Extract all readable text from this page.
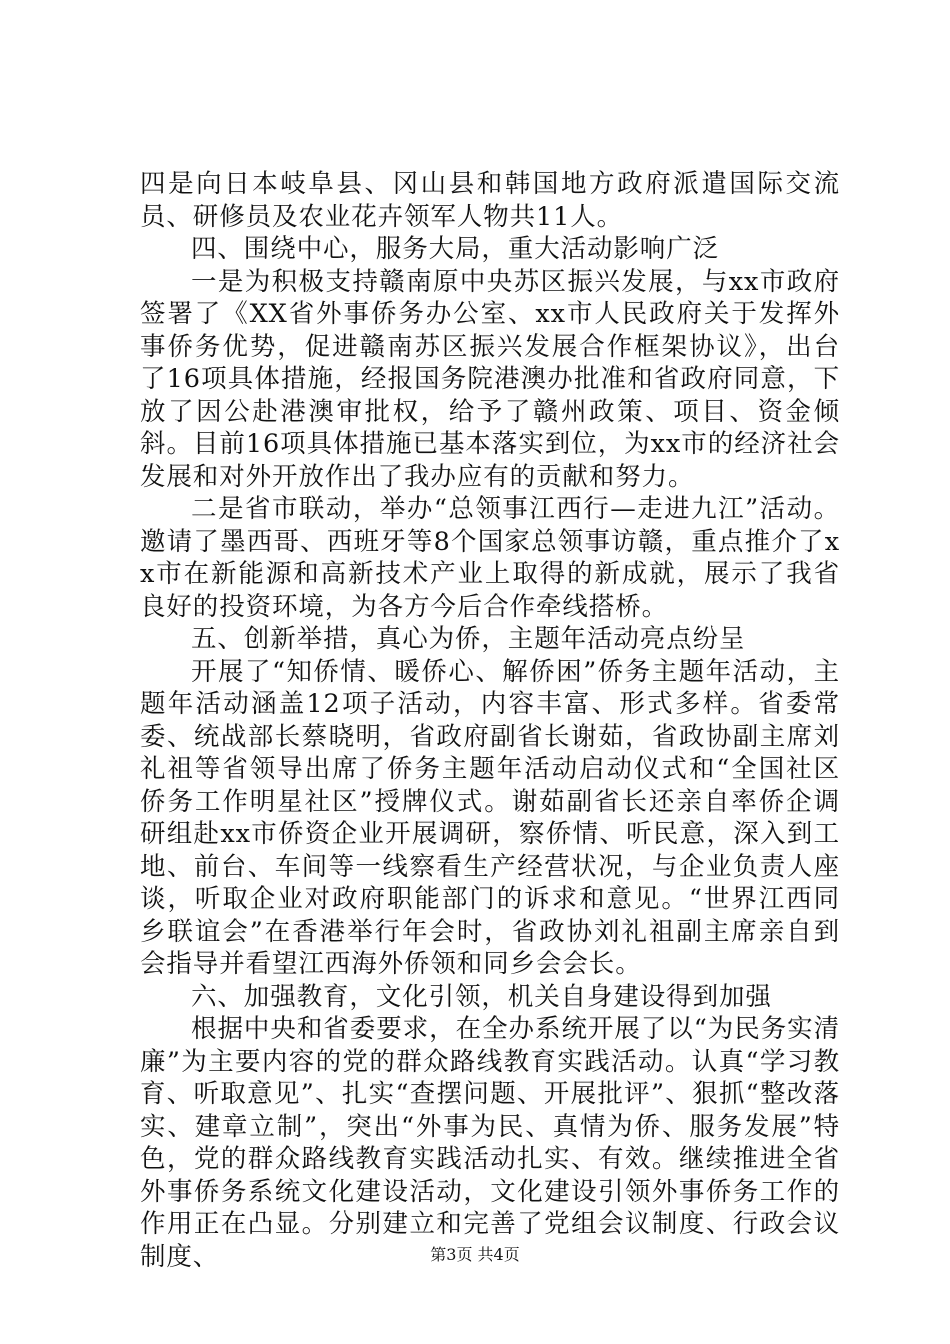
四是向日本岐阜县、冈山县和韩国地方政府派遣国际交流员、研修员及农业花卉领军人物共11人。

四、围绕中心，服务大局，重大活动影响广泛

一是为积极支持赣南原中央苏区振兴发展，与xx市政府签署了《XX省外事侨务办公室、xx市人民政府关于发挥外事侨务优势，促进赣南苏区振兴发展合作框架协议》，出台了16项具体措施，经报国务院港澳办批准和省政府同意，下放了因公赴港澳审批权，给予了赣州政策、项目、资金倾斜。目前16项具体措施已基本落实到位，为xx市的经济社会发展和对外开放作出了我办应有的贡献和努力。

二是省市联动，举办“总领事江西行—走进九江”活动。邀请了墨西哥、西班牙等8个国家总领事访赣，重点推介了xx市在新能源和高新技术产业上取得的新成就，展示了我省良好的投资环境，为各方今后合作牵线搭桥。

五、创新举措，真心为侨，主题年活动亮点纷呈

开展了“知侨情、暖侨心、解侨困”侨务主题年活动，主题年活动涵盖12项子活动，内容丰富、形式多样。省委常委、统战部长蔡晓明，省政府副省长谢茹，省政协副主席刘礼祖等省领导出席了侨务主题年活动启动仪式和“全国社区侨务工作明星社区”授牌仪式。谢茹副省长还亲自率侨企调研组赴xx市侨资企业开展调研，察侨情、听民意，深入到工地、前台、车间等一线察看生产经营状况，与企业负责人座谈，听取企业对政府职能部门的诉求和意见。“世界江西同乡联谊会”在香港举行年会时，省政协刘礼祖副主席亲自到会指导并看望江西海外侨领和同乡会会长。

六、加强教育，文化引领，机关自身建设得到加强

根据中央和省委要求，在全办系统开展了以“为民务实清廉”为主要内容的党的群众路线教育实践活动。认真“学习教育、听取意见”、扎实“查摆问题、开展批评”、狠抓“整改落实、建章立制”，突出“外事为民、真情为侨、服务发展”特色，党的群众路线教育实践活动扎实、有效。继续推进全省外事侨务系统文化建设活动，文化建设引领外事侨务工作的作用正在凸显。分别建立和完善了党组会议制度、行政会议制度、	第3页 共4页
